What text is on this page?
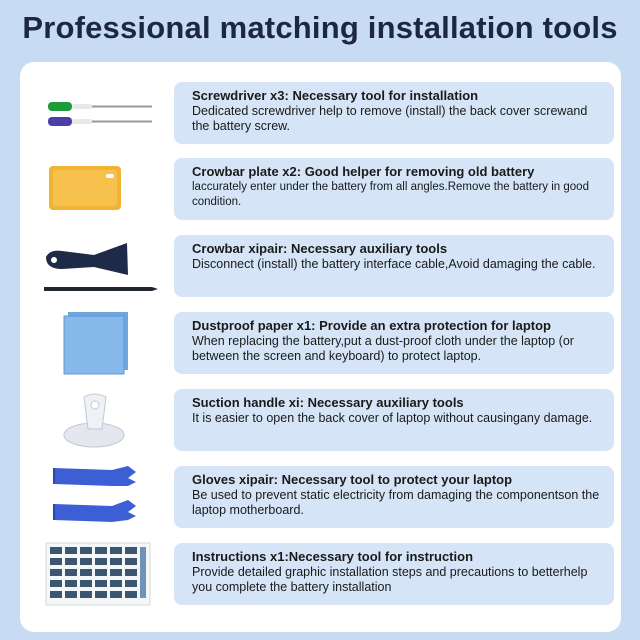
Professional matching installation tools
Screwdriver x3: Necessary tool for installation
Dedicated screwdriver help to remove (install) the back cover screwand the battery screw.
Crowbar plate x2: Good helper for removing old battery
laccurately enter under the battery from all angles.Remove the battery in good condition.
Crowbar xipair: Necessary auxiliary tools
Disconnect (install) the battery interface cable,Avoid damaging the cable.
Dustproof paper x1: Provide an extra protection for laptop
When replacing the battery,put a dust-proof cloth under the laptop (or between the screen and keyboard) to protect laptop.
Suction handle xi: Necessary auxiliary tools
It is easier to open the back cover of laptop without causingany damage.
Gloves xipair: Necessary tool to protect your laptop
Be used to prevent static electricity from damaging the componentson the laptop motherboard.
Instructions x1:Necessary tool for instruction
Provide detailed graphic installation steps and precautions to betterhelp you complete the battery installation
